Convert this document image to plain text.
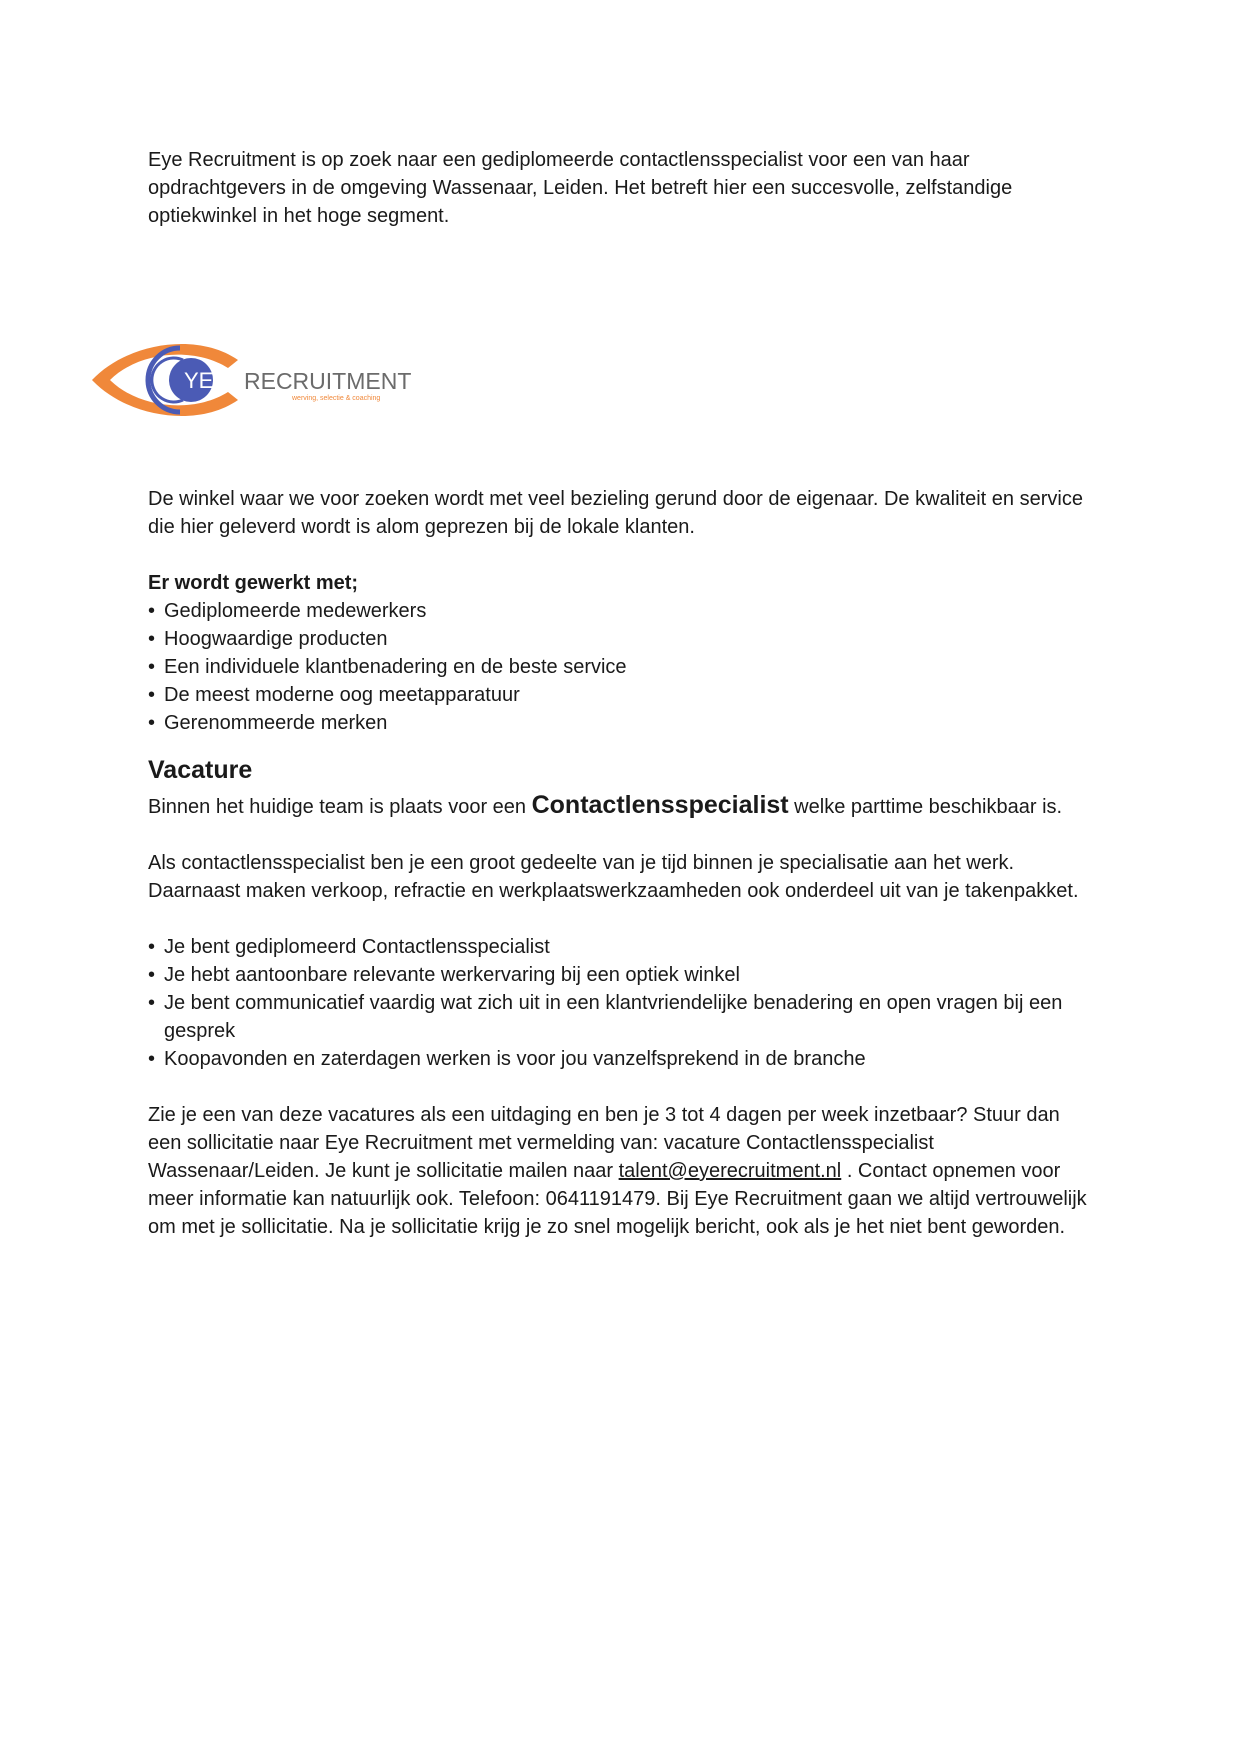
Eye Recruitment is op zoek naar een gediplomeerde contactlensspecialist voor een van haar opdrachtgevers in de omgeving Wassenaar, Leiden. Het betreft hier een succesvolle, zelfstandige optiekwinkel in het hoge segment.

YE RECRUITMENT
werving, selectie & coaching

De winkel waar we voor zoeken wordt met veel bezieling gerund door de eigenaar. De kwaliteit en service die hier geleverd wordt is alom geprezen bij de lokale klanten.

Er wordt gewerkt met;

• Gediplomeerde medewerkers
• Hoogwaardige producten
• Een individuele klantbenadering en de beste service
• De meest moderne oog meetapparatuur
• Gerenommeerde merken
Vacature

Binnen het huidige team is plaats voor een Contactlensspecialist welke parttime beschikbaar is.

Als contactlensspecialist ben je een groot gedeelte van je tijd binnen je specialisatie aan het werk. Daarnaast maken verkoop, refractie en werkplaatswerkzaamheden ook onderdeel uit van je takenpakket.

• Je bent gediplomeerd Contactlensspecialist
• Je hebt aantoonbare relevante werkervaring bij een optiek winkel
• Je bent communicatief vaardig wat zich uit in een klantvriendelijke benadering en open vragen bij een gesprek
• Koopavonden en zaterdagen werken is voor jou vanzelfsprekend in de branche

Zie je een van deze vacatures als een uitdaging en ben je 3 tot 4 dagen per week inzetbaar? Stuur dan een sollicitatie naar Eye Recruitment met vermelding van: vacature Contactlensspecialist Wassenaar/Leiden. Je kunt je sollicitatie mailen naar talent@eyerecruitment.nl . Contact opnemen voor meer informatie kan natuurlijk ook. Telefoon: 0641191479. Bij Eye Recruitment gaan we altijd vertrouwelijk om met je sollicitatie. Na je sollicitatie krijg je zo snel mogelijk bericht, ook als je het niet bent geworden.
